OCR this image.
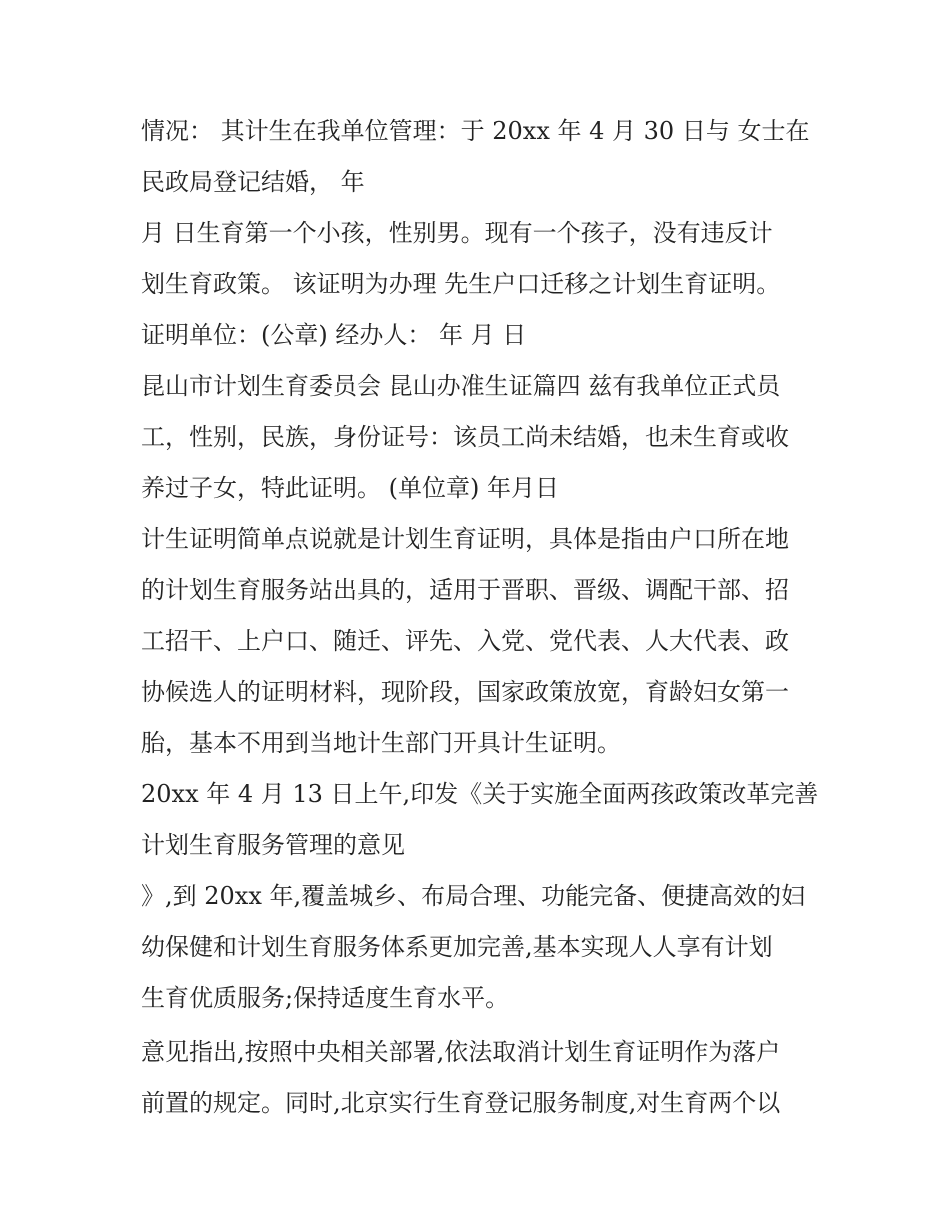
情况： 其计生在我单位管理：于 20xx 年 4 月 30 日与 女士在
民政局登记结婚， 年
月 日生育第一个小孩，性别男。现有一个孩子，没有违反计
划生育政策。 该证明为办理 先生户口迁移之计划生育证明。
证明单位：(公章) 经办人： 年 月 日
昆山市计划生育委员会 昆山办准生证篇四 兹有我单位正式员
工，性别，民族，身份证号：该员工尚未结婚，也未生育或收
养过子女，特此证明。 (单位章) 年月日
计生证明简单点说就是计划生育证明，具体是指由户口所在地
的计划生育服务站出具的，适用于晋职、晋级、调配干部、招
工招干、上户口、随迁、评先、入党、党代表、人大代表、政
协候选人的证明材料，现阶段，国家政策放宽，育龄妇女第一
胎，基本不用到当地计生部门开具计生证明。
20xx 年 4 月 13 日上午,印发《关于实施全面两孩政策改革完善
计划生育服务管理的意见
》,到 20xx 年,覆盖城乡、布局合理、功能完备、便捷高效的妇
幼保健和计划生育服务体系更加完善,基本实现人人享有计划
生育优质服务;保持适度生育水平。
意见指出,按照中央相关部署,依法取消计划生育证明作为落户
前置的规定。同时,北京实行生育登记服务制度,对生育两个以
